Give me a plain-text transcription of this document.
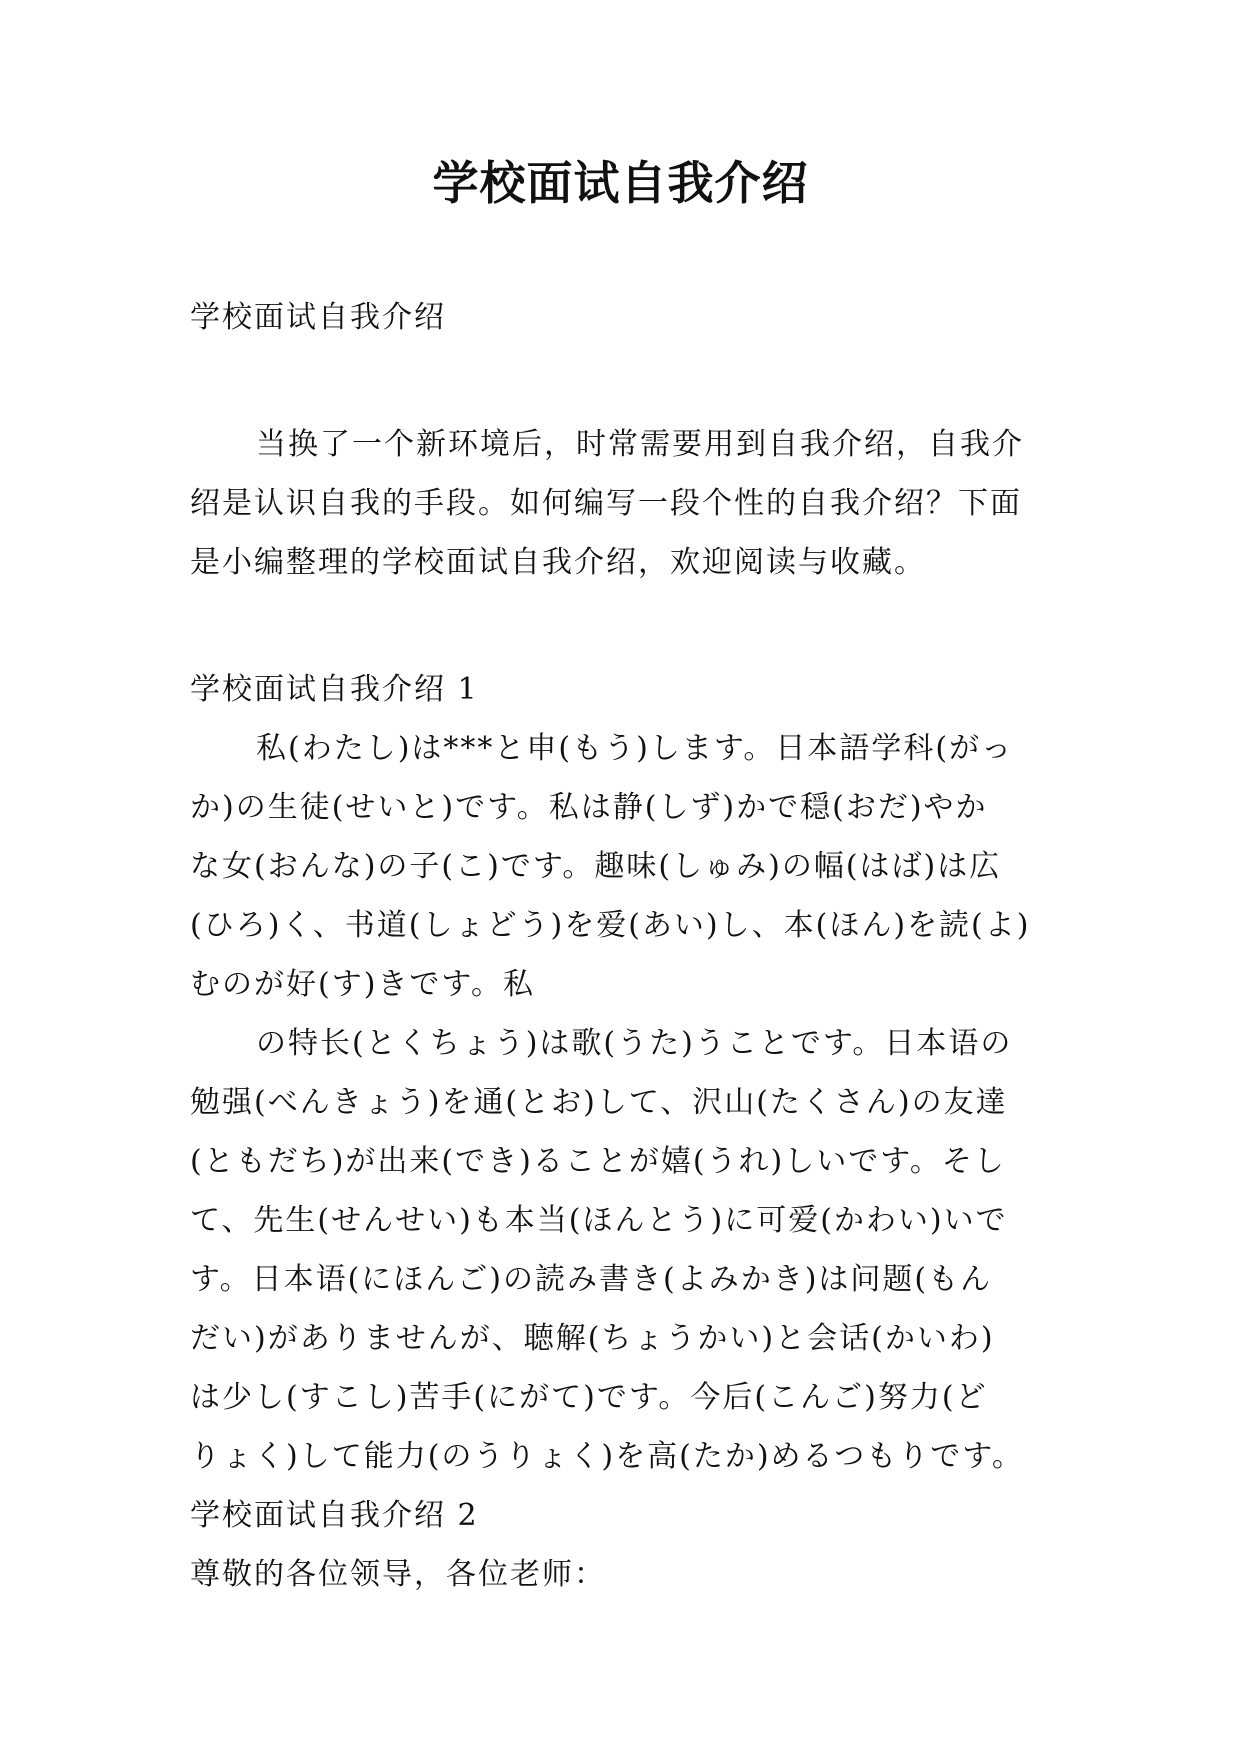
学校面试自我介绍
学校面试自我介绍
当换了一个新环境后，时常需要用到自我介绍，自我介
绍是认识自我的手段。如何编写一段个性的自我介绍？下面
是小编整理的学校面试自我介绍，欢迎阅读与收藏。
学校面试自我介绍 1
私(わたし)は***と申(もう)します。日本語学科(がっ
か)の生徒(せいと)です。私は静(しず)かで穏(おだ)やか
な女(おんな)の子(こ)です。趣味(しゅみ)の幅(はば)は広
(ひろ)く、书道(しょどう)を爱(あい)し、本(ほん)を読(よ)
むのが好(す)きです。私
の特长(とくちょう)は歌(うた)うことです。日本语の
勉强(べんきょう)を通(とお)して、沢山(たくさん)の友達
(ともだち)が出来(でき)ることが嬉(うれ)しいです。そし
て、先生(せんせい)も本当(ほんとう)に可爱(かわい)いで
す。日本语(にほんご)の読み書き(よみかき)は问题(もん
だい)がありませんが、聴解(ちょうかい)と会话(かいわ)
は少し(すこし)苦手(にがて)です。今后(こんご)努力(ど
りょく)して能力(のうりょく)を高(たか)めるつもりです。
学校面试自我介绍 2
尊敬的各位领导，各位老师：
